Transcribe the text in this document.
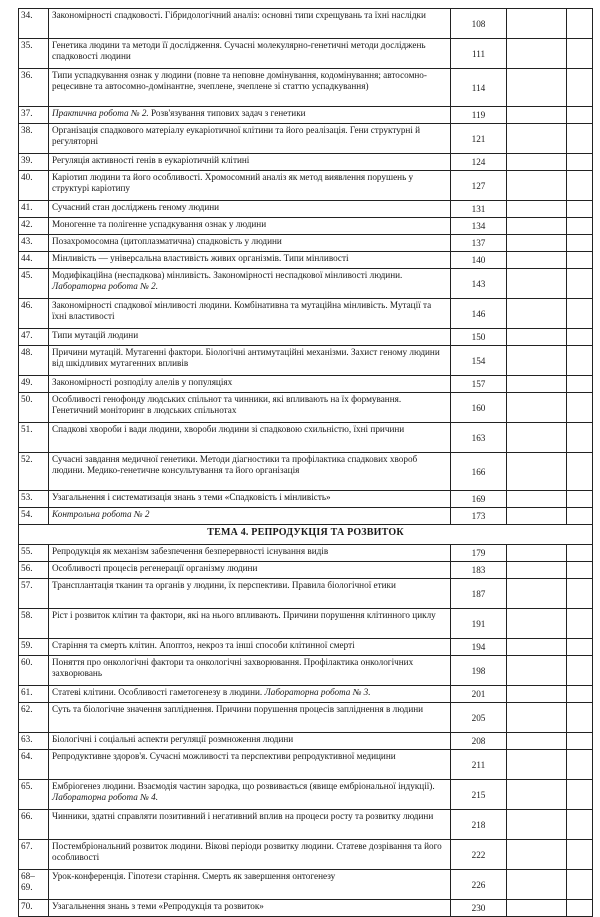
34.	Закономірності спадковості. Гібридологічний аналіз: основні типи схрещувань та їхні наслідки	108		
35.	Генетика людини та методи її дослідження. Сучасні молекулярно-генетичні методи досліджень спадковості людини	111		
36.	Типи успадкування ознак у людини (повне та неповне домінування, кодомінування; автосомно-рецесивне та автосомно-домінантне, зчеплене, зчеплене зі статтю успадкування)	114		
37.	Практична робота № 2. Розв'язування типових задач з генетики	119		
38.	Організація спадкового матеріалу еукаріотичної клітини та його реалізація. Гени структурні й регуляторні	121		
39.	Регуляція активності генів в еукаріотичній клітині	124		
40.	Каріотип людини та його особливості. Хромосомний аналіз як метод виявлення порушень у структурі каріотипу	127		
41.	Сучасний стан досліджень геному людини	131		
42.	Моногенне та полігенне успадкування ознак у людини	134		
43.	Позахромосомна (цитоплазматична) спадковість у людини	137		
44.	Мінливість — універсальна властивість живих організмів. Типи мінливості	140		
45.	Модифікаційна (неспадкова) мінливість. Закономірності неспадкової мінливості людини. Лабораторна робота № 2.	143		
46.	Закономірності спадкової мінливості людини. Комбінативна та мутаційна мінливість. Мутації та їхні властивості	146		
47.	Типи мутацій людини	150		
48.	Причини мутацій. Мутагенні фактори. Біологічні антимутаційні механізми. Захист геному людини від шкідливих мутагенних впливів	154		
49.	Закономірності розподілу алелів у популяціях	157		
50.	Особливості генофонду людських спільнот та чинники, які впливають на їх формування. Генетичний моніторинг в людських спільнотах	160		
51.	Спадкові хвороби і вади людини, хвороби людини зі спадковою схильністю, їхні причини	163		
52.	Сучасні завдання медичної генетики. Методи діагностики та профілактика спадкових хвороб людини. Медико-генетичне консультування та його організація	166		
53.	Узагальнення і систематизація знань з теми «Спадковість і мінливість»	169		
54.	Контрольна робота № 2	173		
ТЕМА 4. РЕПРОДУКЦІЯ ТА РОЗВИТОК				
55.	Репродукція як механізм забезпечення безперервності існування видів	179		
56.	Особливості процесів регенерації організму людини	183		
57.	Трансплантація тканин та органів у людини, їх перспективи. Правила біологічної етики	187		
58.	Ріст і розвиток клітин та фактори, які на нього впливають. Причини порушення клітинного циклу	191		
59.	Старіння та смерть клітин. Апоптоз, некроз та інші способи клітинної смерті	194		
60.	Поняття про онкологічні фактори та онкологічні захворювання. Профілактика онкологічних захворювань	198		
61.	Статеві клітини. Особливості гаметогенезу в людини. Лабораторна робота № 3.	201		
62.	Суть та біологічне значення запліднення. Причини порушення процесів запліднення в людини	205		
63.	Біологічні і соціальні аспекти регуляції розмноження людини	208		
64.	Репродуктивне здоров'я. Сучасні можливості та перспективи репродуктивної медицини	211		
65.	Ембріогенез людини. Взаємодія частин зародка, що розвивається (явище ембріональної індукції). Лабораторна робота № 4.	215		
66.	Чинники, здатні справляти позитивний і негативний вплив на процеси росту та розвитку людини	218		
67.	Постембріональний розвиток людини. Вікові періоди розвитку людини. Статеве дозрівання та його особливості	222		
68–69.	Урок-конференція. Гіпотези старіння. Смерть як завершення онтогенезу	226		
70.	Узагальнення знань з теми «Репродукція та розвиток»	230		
